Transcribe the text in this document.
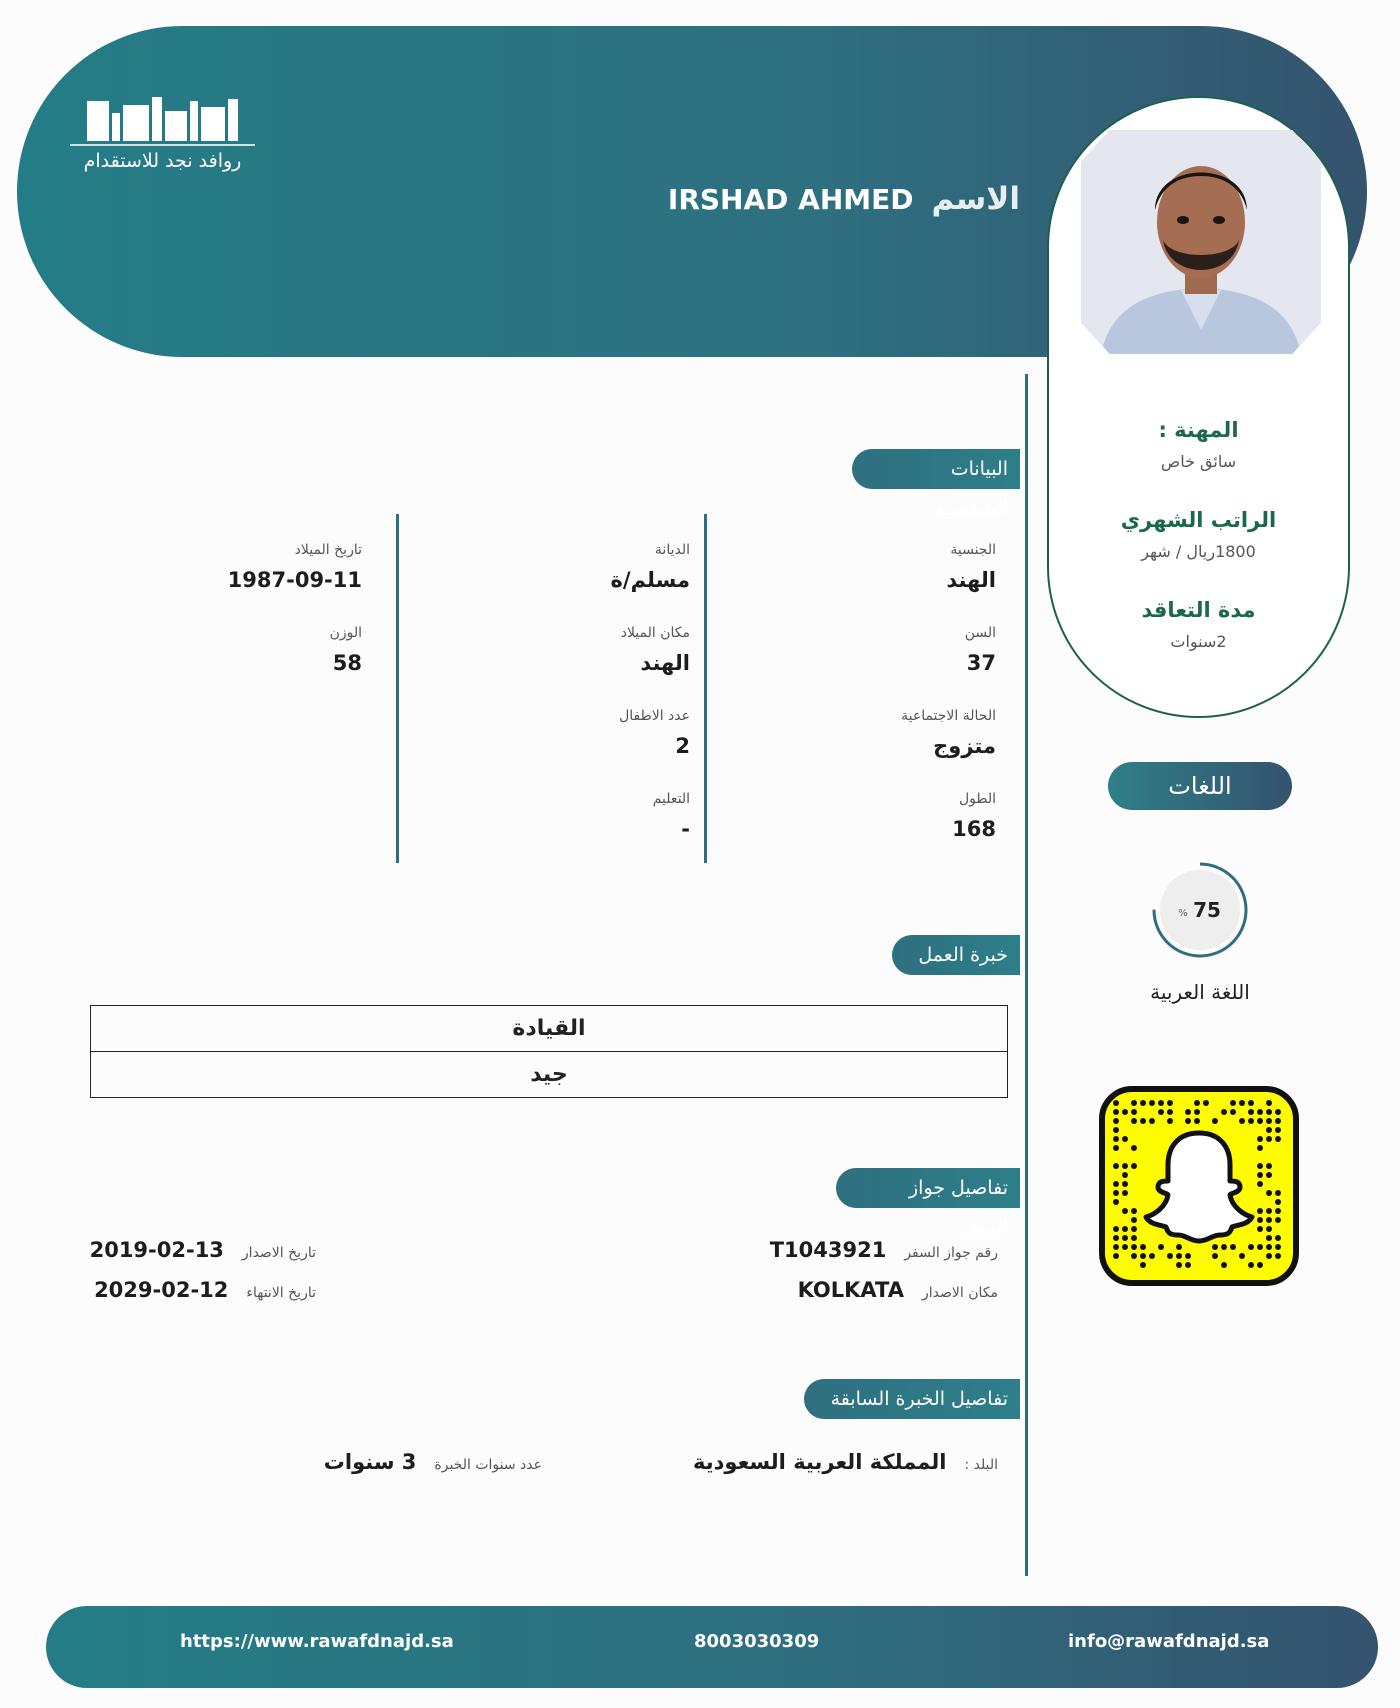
روافد نجد للاستقدام
الاسم
IRSHAD AHMED
المهنة :
سائق خاص
الراتب الشهري
1800ريال / شهر
مدة التعاقد
2سنوات
اللغات
75
%
اللغة العربية
البيانات الشخصية
الجنسية
الهند
السن
37
الحالة الاجتماعية
متزوج
الطول
168
الديانة
مسلم/ة
مكان الميلاد
الهند
عدد الاطفال
2
التعليم
-
تاريخ الميلاد
1987-09-11
الوزن
58
خبرة العمل
القيادة
جيد
تفاصيل جواز السفر
رقم جواز السفر
T1043921
مكان الاصدار
KOLKATA
تاريخ الاصدار
2019-02-13
تاريخ الانتهاء
2029-02-12
تفاصيل الخبرة السابقة
البلد :
المملكة العربية السعودية
عدد سنوات الخبرة
3 سنوات
https://www.rawafdnajd.sa	8003030309	info@rawafdnajd.sa
